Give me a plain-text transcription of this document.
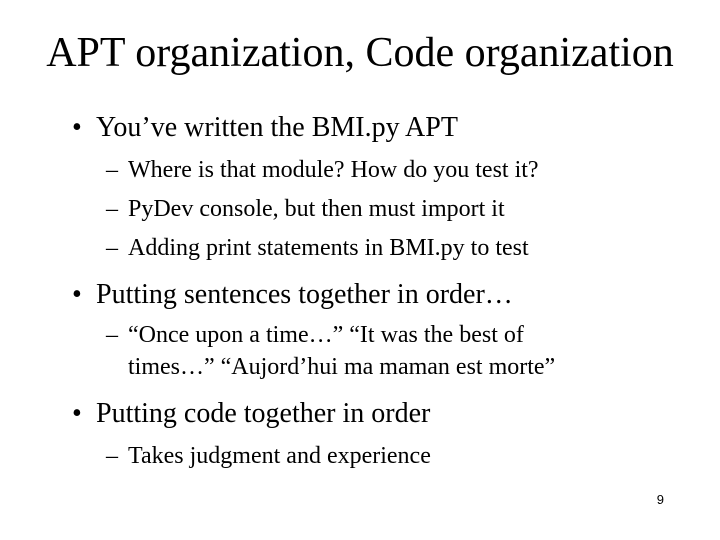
APT organization, Code organization
• You’ve written the BMI.py APT
– Where is that module? How do you test it?
– PyDev console, but then must import it
– Adding print statements in BMI.py to test
• Putting sentences together in order…
– “Once upon a time…” “It was the best of
times…” “Aujord’hui ma maman est morte”
• Putting code together in order
– Takes judgment and experience
9
